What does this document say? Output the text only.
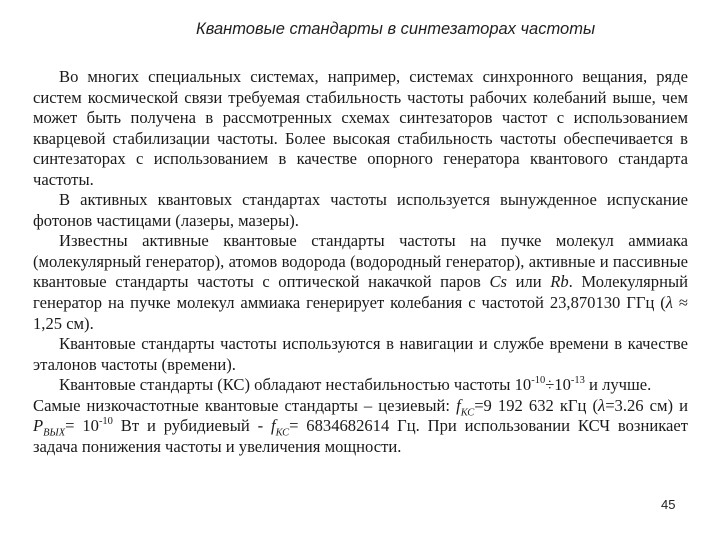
Квантовые стандарты в синтезаторах частоты

Во многих специальных системах, например, системах синхронного вещания, ряде систем космической связи требуемая стабильность частоты рабочих колебаний выше, чем может быть получена в рассмотренных схемах синтезаторов частот с использованием кварцевой стабилизации частоты. Более высокая стабильность частоты обеспечивается в синтезаторах с использованием в качестве опорного генератора квантового стандарта частоты.

В активных квантовых стандартах частоты используется вынужденное испускание фотонов частицами (лазеры, мазеры).

Известны активные квантовые стандарты частоты на пучке молекул аммиака (молекулярный генератор), атомов водорода (водородный генератор), активные и пассивные квантовые стандарты частоты с оптической накачкой паров Cs или Rb. Молекулярный генератор на пучке молекул аммиака генерирует колебания с частотой 23,870130 ГГц (λ ≈ 1,25 см).

Квантовые стандарты частоты используются в навигации и службе времени в качестве эталонов частоты (времени).

Квантовые стандарты (КС) обладают нестабильностью частоты $10^{-10}\div 10^{-13}$ и лучше.

Самые низкочастотные квантовые стандарты – цезиевый: $f_{КС}=9$ 192 632 кГц (λ=3.26 см) и $P_{ВЫХ}= 10^{-10}$ Вт и рубидиевый - $f_{КС}= 6834682614$ Гц. При использовании КСЧ возникает задача понижения частоты и увеличения мощности.

45
